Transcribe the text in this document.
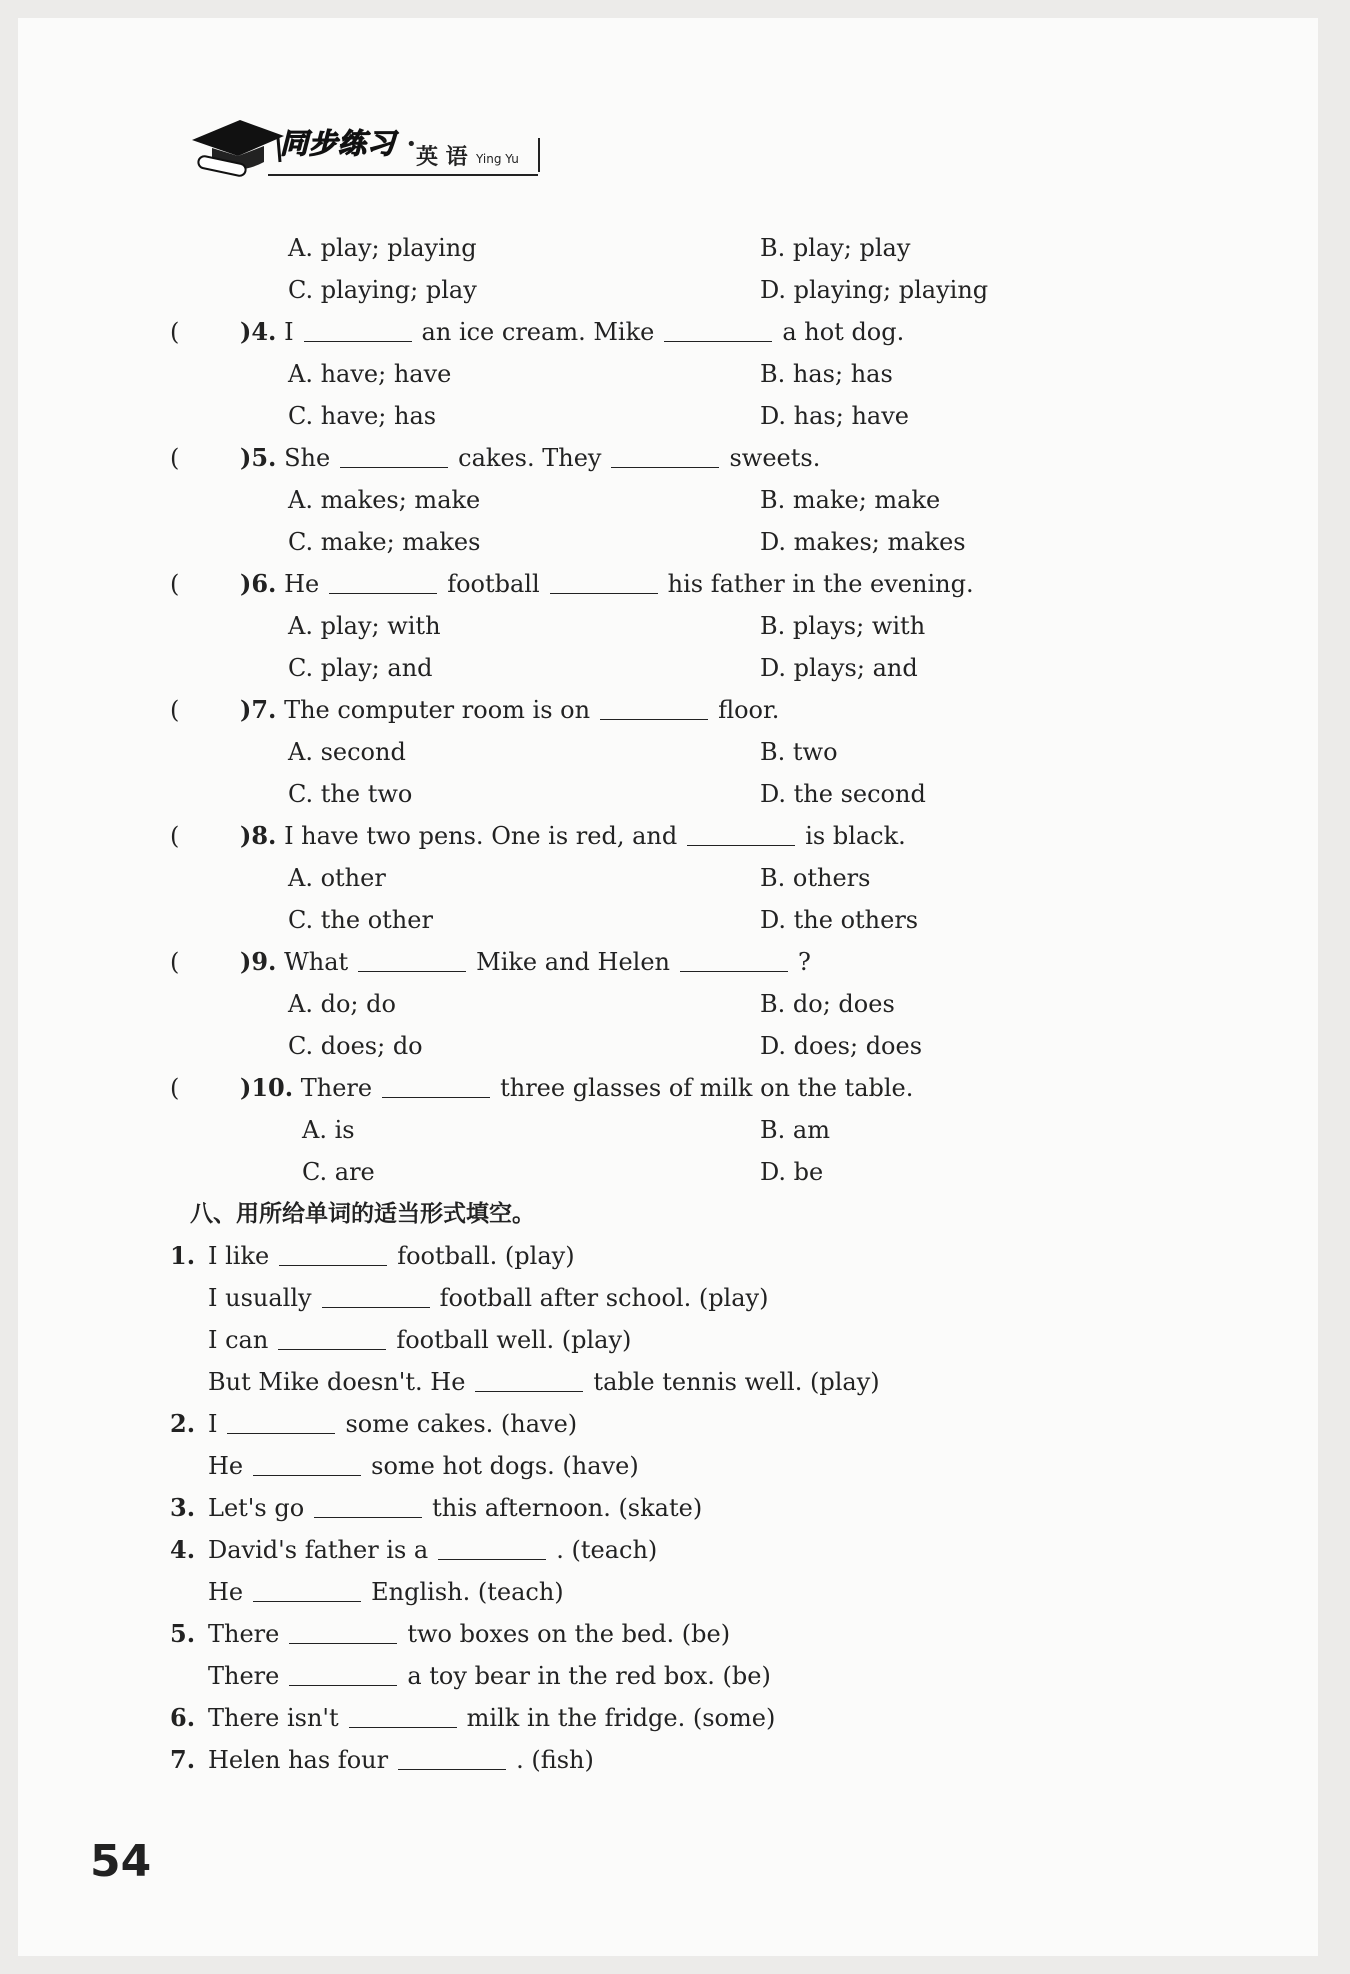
同步练习 •
英 语 Ying Yu
A. play; playing	B. play; play
C. playing; play	D. playing; playing
(	)4. I	an ice cream. Mike	a hot dog.
A. have; have	B. has; has
C. have; has	D. has; have
(	)5. She	cakes. They	sweets.
A. makes; make	B. make; make
C. make; makes	D. makes; makes
(	)6. He	football	his father in the evening.
A. play; with	B. plays; with
C. play; and	D. plays; and
(	)7. The computer room is on	floor.
A. second	B. two
C. the two	D. the second
(	)8. I have two pens. One is red, and	is black.
A. other	B. others
C. the other	D. the others
(	)9. What	Mike and Helen	?
A. do; do	B. do; does
C. does; do	D. does; does
(	)10. There	three glasses of milk on the table.
A. is	B. am
C. are	D. be
八、用所给单词的适当形式填空。
1. I like	football. (play)
I usually	football after school. (play)
I can	football well. (play)
But Mike doesn't. He	table tennis well. (play)
2. I	some cakes. (have)
He	some hot dogs. (have)
3. Let's go	this afternoon. (skate)
4. David's father is a	. (teach)
He	English. (teach)
5. There	two boxes on the bed. (be)
There	a toy bear in the red box. (be)
6. There isn't	milk in the fridge. (some)
7. Helen has four	. (fish)
54
